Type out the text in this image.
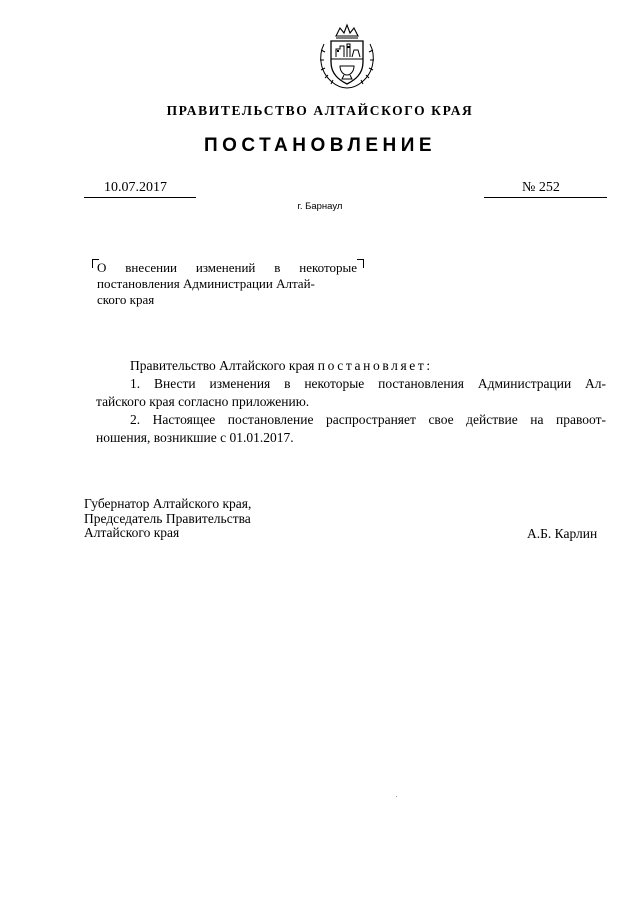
ПРАВИТЕЛЬСТВО АЛТАЙСКОГО КРАЯ
ПОСТАНОВЛЕНИЕ
10.07.2017	№ 252
г. Барнаул
О внесении изменений в некоторые
постановления Администрации Алтай-
ского края
Правительство Алтайского края постановляет:
1. Внести изменения в некоторые постановления Администрации Ал-
тайского края согласно приложению.
2. Настоящее постановление распространяет свое действие на правоот-
ношения, возникшие с 01.01.2017.
Губернатор Алтайского края,
Председатель Правительства
Алтайского края	А.Б. Карлин
